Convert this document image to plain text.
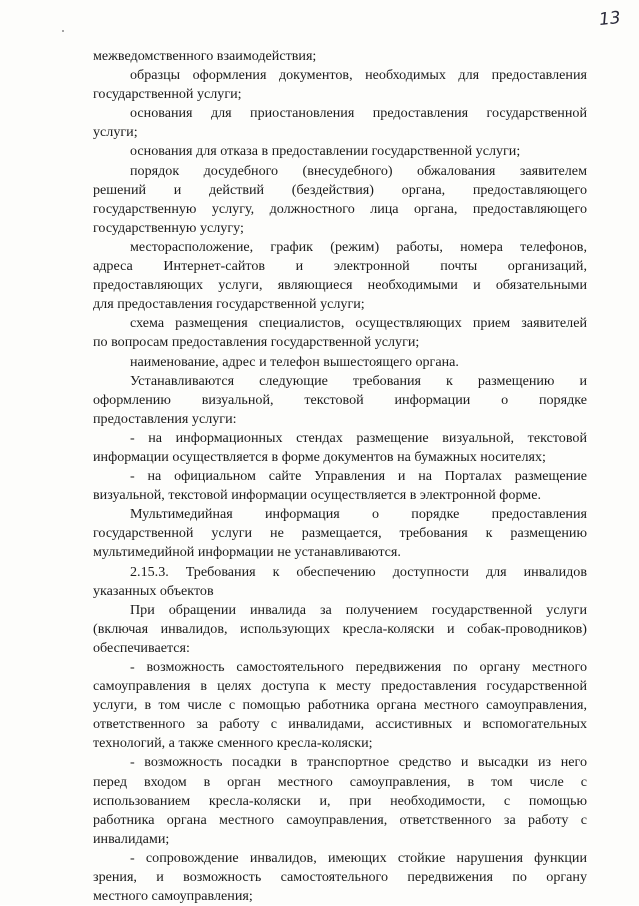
13
межведомственного взаимодействия;
образцы оформления документов, необходимых для предоставления
государственной услуги;
основания для приостановления предоставления государственной
услуги;
основания для отказа в предоставлении государственной услуги;
порядок досудебного (внесудебного) обжалования заявителем
решений и действий (бездействия) органа, предоставляющего
государственную услугу, должностного лица органа, предоставляющего
государственную услугу;
месторасположение, график (режим) работы, номера телефонов,
адреса Интернет-сайтов и электронной почты организаций,
предоставляющих услуги, являющиеся необходимыми и обязательными
для предоставления государственной услуги;
схема размещения специалистов, осуществляющих прием заявителей
по вопросам предоставления государственной услуги;
наименование, адрес и телефон вышестоящего органа.
Устанавливаются следующие требования к размещению и
оформлению визуальной, текстовой информации о порядке
предоставления услуги:
- на информационных стендах размещение визуальной, текстовой
информации осуществляется в форме документов на бумажных носителях;
- на официальном сайте Управления и на Порталах размещение
визуальной, текстовой информации осуществляется в электронной форме.
Мультимедийная информация о порядке предоставления
государственной услуги не размещается, требования к размещению
мультимедийной информации не устанавливаются.
2.15.3. Требования к обеспечению доступности для инвалидов
указанных объектов
При обращении инвалида за получением государственной услуги
(включая инвалидов, использующих кресла-коляски и собак-проводников)
обеспечивается:
- возможность самостоятельного передвижения по органу местного
самоуправления в целях доступа к месту предоставления государственной
услуги, в том числе с помощью работника органа местного самоуправления,
ответственного за работу с инвалидами, ассистивных и вспомогательных
технологий, а также сменного кресла-коляски;
- возможность посадки в транспортное средство и высадки из него
перед входом в орган местного самоуправления, в том числе с
использованием кресла-коляски и, при необходимости, с помощью
работника органа местного самоуправления, ответственного за работу с
инвалидами;
- сопровождение инвалидов, имеющих стойкие нарушения функции
зрения, и возможность самостоятельного передвижения по органу
местного самоуправления;
